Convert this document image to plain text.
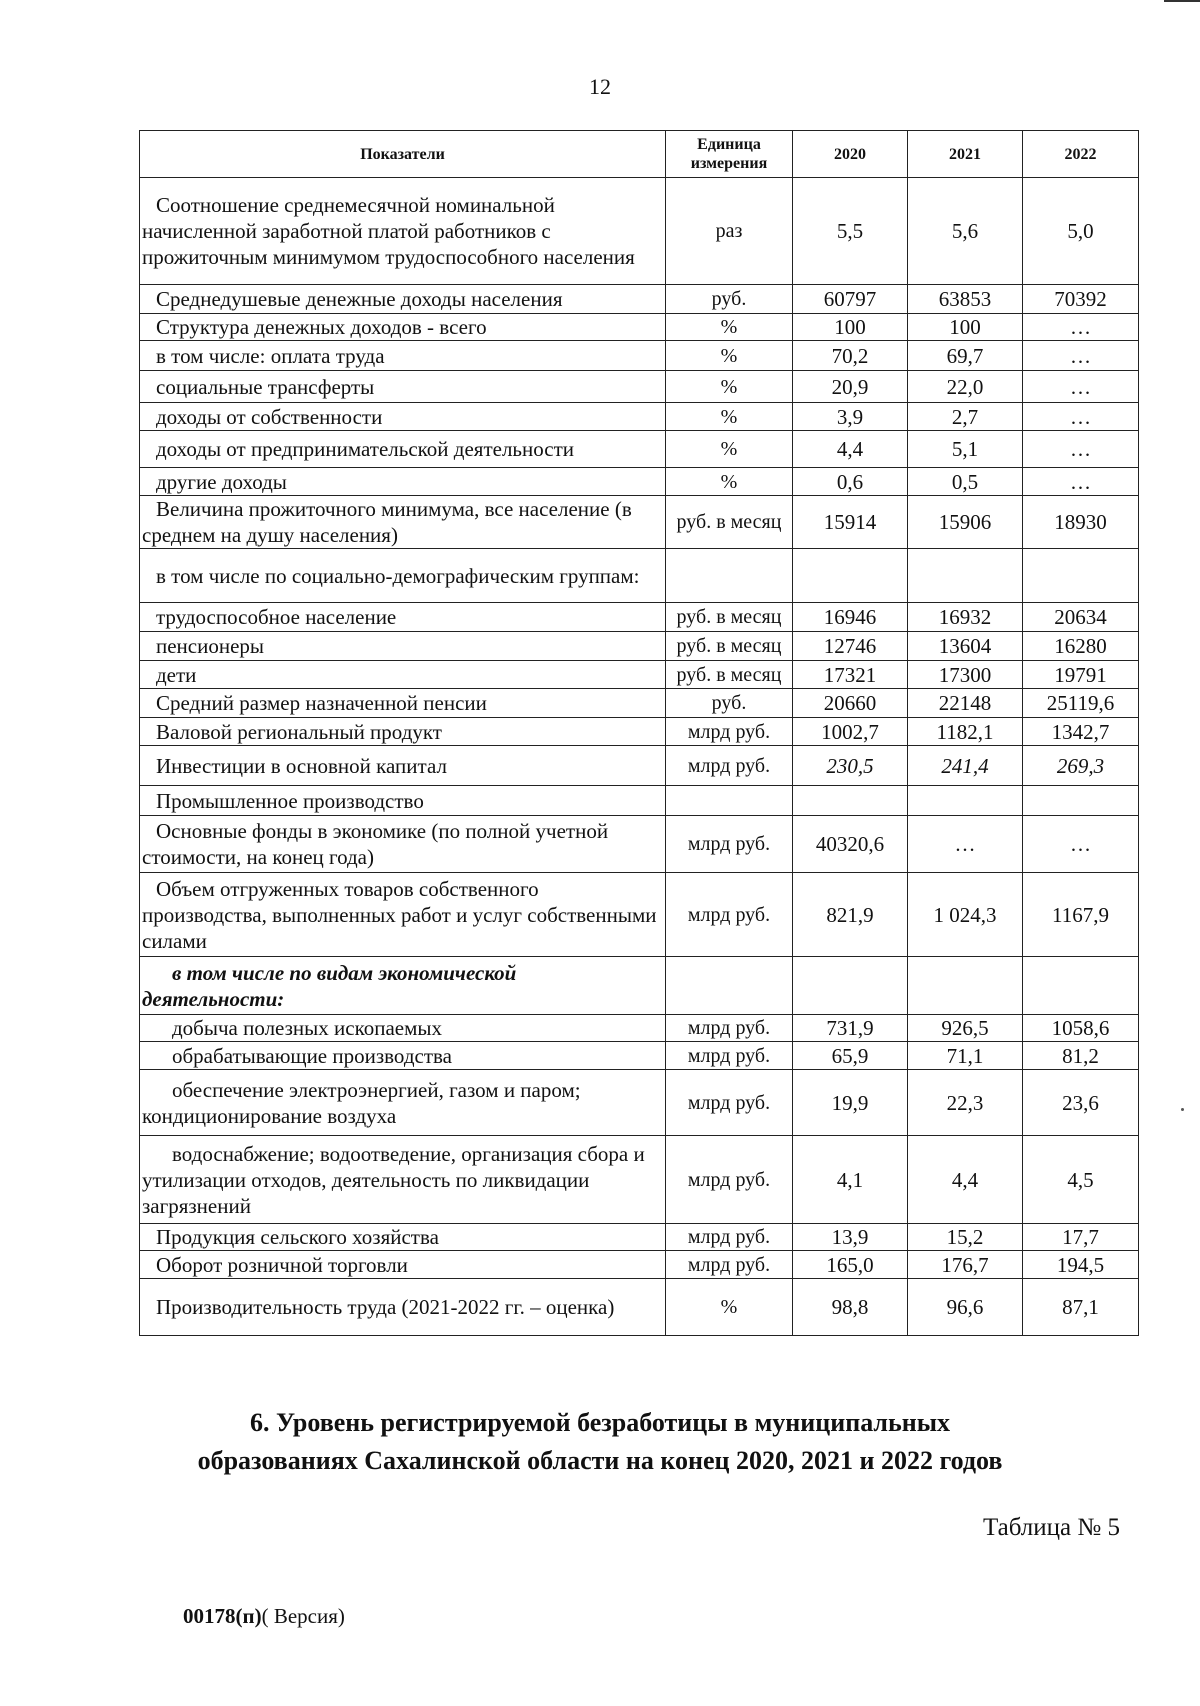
12
Показатели	Единица измерения	2020	2021	2022
Соотношение среднемесячной номинальной начисленной заработной платой работников с прожиточным минимумом трудоспособного населения	раз	5,5	5,6	5,0
Среднедушевые денежные доходы населения	руб.	60797	63853	70392
Структура денежных доходов - всего	%	100	100	…
в том числе: оплата труда	%	70,2	69,7	…
социальные трансферты	%	20,9	22,0	…
доходы от собственности	%	3,9	2,7	…
доходы от предпринимательской деятельности	%	4,4	5,1	…
другие доходы	%	0,6	0,5	…
Величина прожиточного минимума, все население (в среднем на душу населения)	руб. в месяц	15914	15906	18930
в том числе по социально-демографическим группам:				
трудоспособное население	руб. в месяц	16946	16932	20634
пенсионеры	руб. в месяц	12746	13604	16280
дети	руб. в месяц	17321	17300	19791
Средний размер назначенной пенсии	руб.	20660	22148	25119,6
Валовой региональный продукт	млрд руб.	1002,7	1182,1	1342,7
Инвестиции в основной капитал	млрд руб.	230,5	241,4	269,3
Промышленное производство				
Основные фонды в экономике (по полной учетной стоимости, на конец года)	млрд руб.	40320,6	…	…
Объем отгруженных товаров собственного производства, выполненных работ и услуг собственными силами	млрд руб.	821,9	1 024,3	1167,9
в том числе по видам экономической деятельности:				
добыча полезных ископаемых	млрд руб.	731,9	926,5	1058,6
обрабатывающие производства	млрд руб.	65,9	71,1	81,2
обеспечение электроэнергией, газом и паром; кондиционирование воздуха	млрд руб.	19,9	22,3	23,6
водоснабжение; водоотведение, организация сбора и утилизации отходов, деятельность по ликвидации загрязнений	млрд руб.	4,1	4,4	4,5
Продукция сельского хозяйства	млрд руб.	13,9	15,2	17,7
Оборот розничной торговли	млрд руб.	165,0	176,7	194,5
Производительность труда (2021-2022 гг. – оценка)	%	98,8	96,6	87,1
6. Уровень регистрируемой безработицы в муниципальных
образованиях Сахалинской области на конец 2020, 2021 и 2022 годов
Таблица № 5
00178(п)( Версия)
